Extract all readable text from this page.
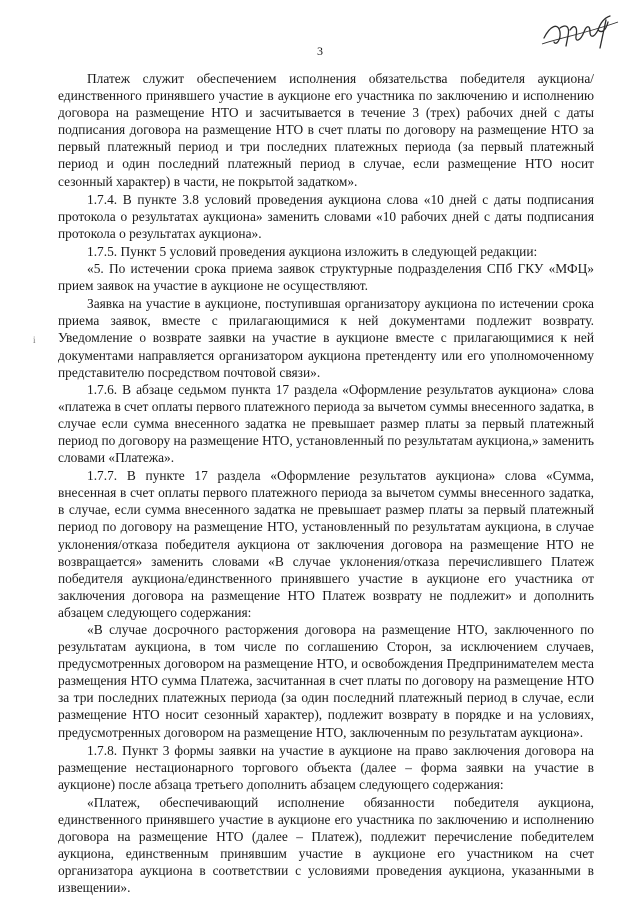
3
i

Платеж служит обеспечением исполнения обязательства победителя аукциона/единственного принявшего участие в аукционе его участника по заключению и исполнению договора на размещение НТО и засчитывается в течение 3 (трех) рабочих дней с даты подписания договора на размещение НТО в счет платы по договору на размещение НТО за первый платежный период и три последних платежных периода (за первый платежный период и один последний платежный период в случае, если размещение НТО носит сезонный характер) в части, не покрытой задатком».

1.7.4. В пункте 3.8 условий проведения аукциона слова «10 дней с даты подписания протокола о результатах аукциона» заменить словами «10 рабочих дней с даты подписания протокола о результатах аукциона».

1.7.5. Пункт 5 условий проведения аукциона изложить в следующей редакции:

«5. По истечении срока приема заявок структурные подразделения СПб ГКУ «МФЦ» прием заявок на участие в аукционе не осуществляют.

Заявка на участие в аукционе, поступившая организатору аукциона по истечении срока приема заявок, вместе с прилагающимися к ней документами подлежит возврату. Уведомление о возврате заявки на участие в аукционе вместе с прилагающимися к ней документами направляется организатором аукциона претенденту или его уполномоченному представителю посредством почтовой связи».

1.7.6. В абзаце седьмом пункта 17 раздела «Оформление результатов аукциона» слова «платежа в счет оплаты первого платежного периода за вычетом суммы внесенного задатка, в случае если сумма внесенного задатка не превышает размер платы за первый платежный период по договору на размещение НТО, установленный по результатам аукциона,» заменить словами «Платежа».

1.7.7. В пункте 17 раздела «Оформление результатов аукциона» слова «Сумма, внесенная в счет оплаты первого платежного периода за вычетом суммы внесенного задатка, в случае, если сумма внесенного задатка не превышает размер платы за первый платежный период по договору на размещение НТО, установленный по результатам аукциона, в случае уклонения/отказа победителя аукциона от заключения договора на размещение НТО не возвращается» заменить словами «В случае уклонения/отказа перечислившего Платеж победителя аукциона/единственного принявшего участие в аукционе его участника от заключения договора на размещение НТО Платеж возврату не подлежит» и дополнить абзацем следующего содержания:

«В случае досрочного расторжения договора на размещение НТО, заключенного по результатам аукциона, в том числе по соглашению Сторон, за исключением случаев, предусмотренных договором на размещение НТО, и освобождения Предпринимателем места размещения НТО сумма Платежа, засчитанная в счет платы по договору на размещение НТО за три последних платежных периода (за один последний платежный период в случае, если размещение НТО носит сезонный характер), подлежит возврату в порядке и на условиях, предусмотренных договором на размещение НТО, заключенным по результатам аукциона».

1.7.8. Пункт 3 формы заявки на участие в аукционе на право заключения договора на размещение нестационарного торгового объекта (далее – форма заявки на участие в аукционе) после абзаца третьего дополнить абзацем следующего содержания:

«Платеж, обеспечивающий исполнение обязанности победителя аукциона, единственного принявшего участие в аукционе его участника по заключению и исполнению договора на размещение НТО (далее – Платеж), подлежит перечисление победителем аукциона, единственным принявшим участие в аукционе его участником на счет организатора аукциона в соответствии с условиями проведения аукциона, указанными в извещении».
